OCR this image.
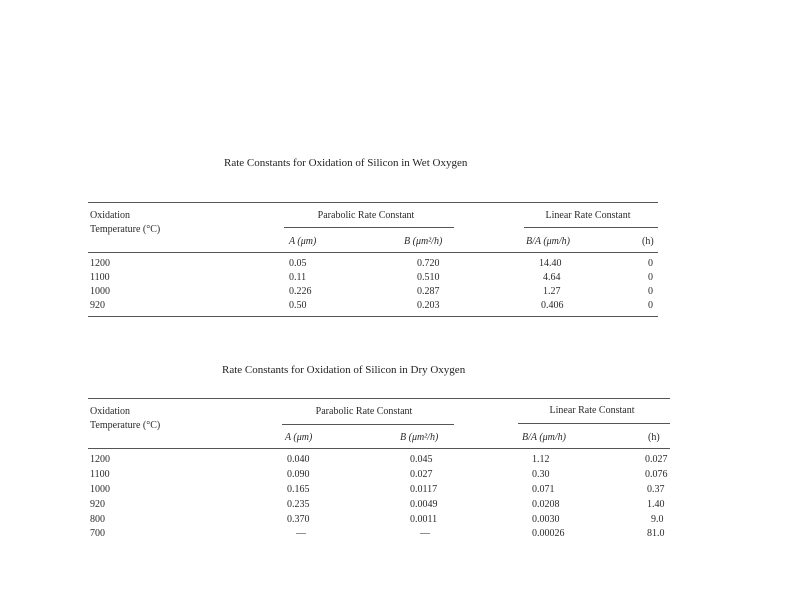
Rate Constants for Oxidation of Silicon in Wet Oxygen
Oxidation
Temperature (°C)
Parabolic Rate Constant	Linear Rate Constant
A (μm)	B (μm²/h)	B/A (μm/h)	(h)
1200	0.05	0.720	14.40	0
1100	0.11	0.510	4.64	0
1000	0.226	0.287	1.27	0
920	0.50	0.203	0.406	0
Rate Constants for Oxidation of Silicon in Dry Oxygen
Oxidation
Temperature (°C)
Parabolic Rate Constant	Linear Rate Constant
A (μm)	B (μm²/h)	B/A (μm/h)	(h)
1200	0.040	0.045	1.12	0.027
1100	0.090	0.027	0.30	0.076
1000	0.165	0.0117	0.071	0.37
920	0.235	0.0049	0.0208	1.40
800	0.370	0.0011	0.0030	9.0
700	—	—	0.00026	81.0
